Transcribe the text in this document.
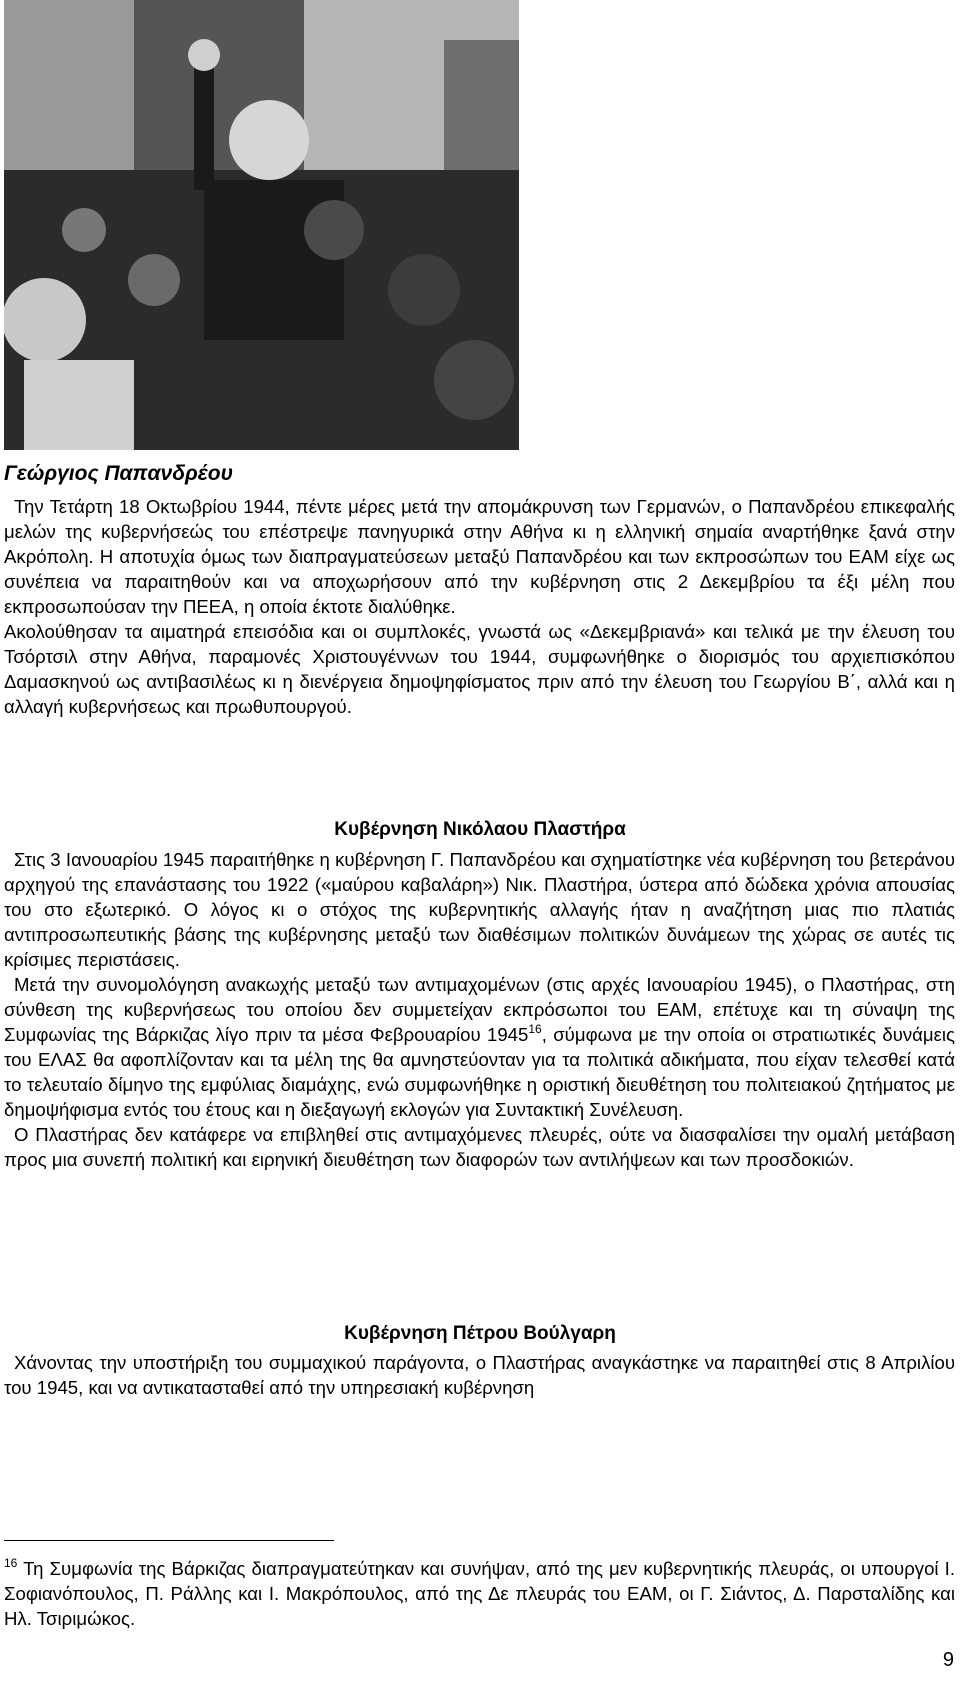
Γεώργιος Παπανδρέου

Την Τετάρτη 18 Οκτωβρίου 1944, πέντε μέρες μετά την απομάκρυνση των Γερμανών, ο Παπανδρέου επικεφαλής μελών της κυβερνήσεώς του επέστρεψε πανηγυρικά στην Αθήνα κι η ελληνική σημαία αναρτήθηκε ξανά στην Ακρόπολη. Η αποτυχία όμως των διαπραγματεύσεων μεταξύ Παπανδρέου και των εκπροσώπων του ΕΑΜ είχε ως συνέπεια να παραιτηθούν και να αποχωρήσουν από την κυβέρνηση στις 2 Δεκεμβρίου τα έξι μέλη που εκπροσωπούσαν την ΠΕΕΑ, η οποία έκτοτε διαλύθηκε.

Ακολούθησαν τα αιματηρά επεισόδια και οι συμπλοκές, γνωστά ως «Δεκεμβριανά» και τελικά με την έλευση του Τσόρτσιλ στην Αθήνα, παραμονές Χριστουγέννων του 1944, συμφωνήθηκε ο διορισμός του αρχιεπισκόπου Δαμασκηνού ως αντιβασιλέως κι η διενέργεια δημοψηφίσματος πριν από την έλευση του Γεωργίου Β΄, αλλά και η αλλαγή κυβερνήσεως και πρωθυπουργού.

Κυβέρνηση Νικόλαου Πλαστήρα

Στις 3 Ιανουαρίου 1945 παραιτήθηκε η κυβέρνηση Γ. Παπανδρέου και σχηματίστηκε νέα κυβέρνηση του βετεράνου αρχηγού της επανάστασης του 1922 («μαύρου καβαλάρη») Νικ. Πλαστήρα, ύστερα από δώδεκα χρόνια απουσίας του στο εξωτερικό. Ο λόγος κι ο στόχος της κυβερνητικής αλλαγής ήταν η αναζήτηση μιας πιο πλατιάς αντιπροσωπευτικής βάσης της κυβέρνησης μεταξύ των διαθέσιμων πολιτικών δυνάμεων της χώρας σε αυτές τις κρίσιμες περιστάσεις.

Μετά την συνομολόγηση ανακωχής μεταξύ των αντιμαχομένων (στις αρχές Ιανουαρίου 1945), ο Πλαστήρας, στη σύνθεση της κυβερνήσεως του οποίου δεν συμμετείχαν εκπρόσωποι του ΕΑΜ, επέτυχε και τη σύναψη της Συμφωνίας της Βάρκιζας λίγο πριν τα μέσα Φεβρουαρίου 1945$^{16}$, σύμφωνα με την οποία οι στρατιωτικές δυνάμεις του ΕΛΑΣ θα αφοπλίζονταν και τα μέλη της θα αμνηστεύονταν για τα πολιτικά αδικήματα, που είχαν τελεσθεί κατά το τελευταίο δίμηνο της εμφύλιας διαμάχης, ενώ συμφωνήθηκε η οριστική διευθέτηση του πολιτειακού ζητήματος με δημοψήφισμα εντός του έτους και η διεξαγωγή εκλογών για Συντακτική Συνέλευση.

Ο Πλαστήρας δεν κατάφερε να επιβληθεί στις αντιμαχόμενες πλευρές, ούτε να διασφαλίσει την ομαλή μετάβαση προς μια συνεπή πολιτική και ειρηνική διευθέτηση των διαφορών των αντιλήψεων και των προσδοκιών.

Κυβέρνηση Πέτρου Βούλγαρη

Χάνοντας την υποστήριξη του συμμαχικού παράγοντα, ο Πλαστήρας αναγκάστηκε να παραιτηθεί στις 8 Απριλίου του 1945, και να αντικατασταθεί από την υπηρεσιακή κυβέρνηση

$^{16}$ Τη Συμφωνία της Βάρκιζας διαπραγματεύτηκαν και συνήψαν, από της μεν κυβερνητικής πλευράς, οι υπουργοί Ι. Σοφιανόπουλος, Π. Ράλλης και Ι. Μακρόπουλος, από της Δε πλευράς του ΕΑΜ, οι Γ. Σιάντος, Δ. Παρσταλίδης και Ηλ. Τσιριμώκος.
9
